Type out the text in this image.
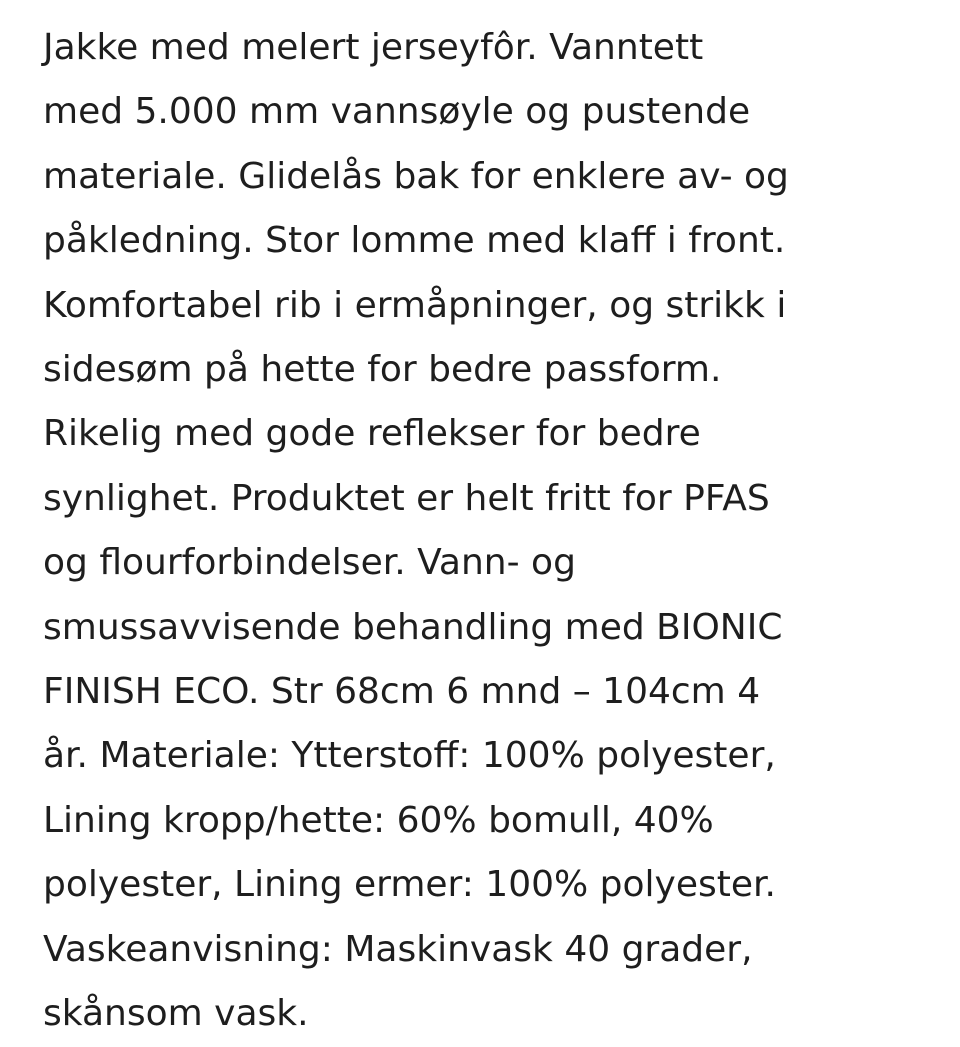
Jakke med melert jerseyfôr. Vanntett
med 5.000 mm vannsøyle og pustende
materiale. Glidelås bak for enklere av- og
påkledning. Stor lomme med klaff i front.
Komfortabel rib i ermåpninger, og strikk i
sidesøm på hette for bedre passform.
Rikelig med gode reflekser for bedre
synlighet. Produktet er helt fritt for PFAS
og flourforbindelser. Vann- og
smussavvisende behandling med BIONIC
FINISH ECO. Str 68cm 6 mnd – 104cm 4
år. Materiale: Ytterstoff: 100% polyester,
Lining kropp/hette: 60% bomull, 40%
polyester, Lining ermer: 100% polyester.
Vaskeanvisning: Maskinvask 40 grader,
skånsom vask.
